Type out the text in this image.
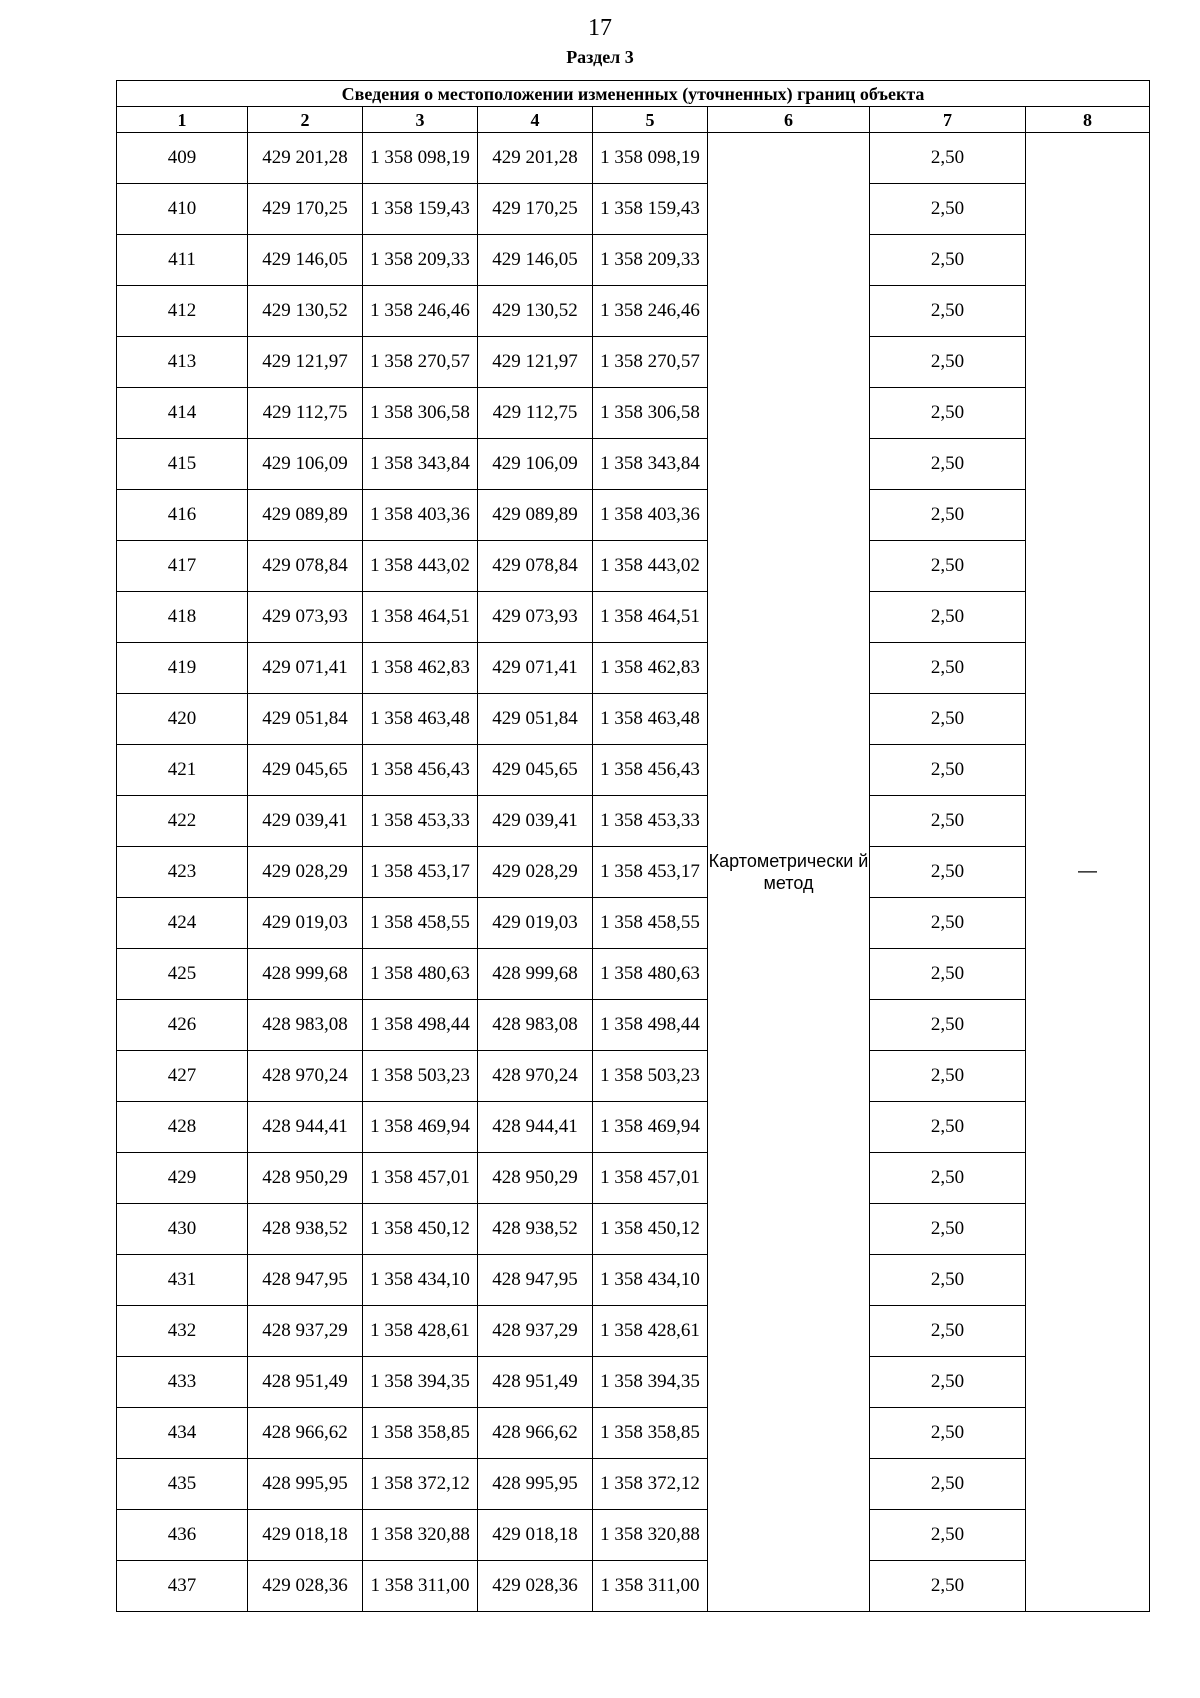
17
Раздел 3
Сведения о местоположении измененных (уточненных) границ объекта							
1	2	3	4	5	6	7	8
409	429 201,28	1 358 098,19	429 201,28	1 358 098,19	Картометрически й метод	2,50	—
410	429 170,25	1 358 159,43	429 170,25	1 358 159,43		2,50	
411	429 146,05	1 358 209,33	429 146,05	1 358 209,33		2,50	
412	429 130,52	1 358 246,46	429 130,52	1 358 246,46		2,50	
413	429 121,97	1 358 270,57	429 121,97	1 358 270,57		2,50	
414	429 112,75	1 358 306,58	429 112,75	1 358 306,58		2,50	
415	429 106,09	1 358 343,84	429 106,09	1 358 343,84		2,50	
416	429 089,89	1 358 403,36	429 089,89	1 358 403,36		2,50	
417	429 078,84	1 358 443,02	429 078,84	1 358 443,02		2,50	
418	429 073,93	1 358 464,51	429 073,93	1 358 464,51		2,50	
419	429 071,41	1 358 462,83	429 071,41	1 358 462,83		2,50	
420	429 051,84	1 358 463,48	429 051,84	1 358 463,48		2,50	
421	429 045,65	1 358 456,43	429 045,65	1 358 456,43		2,50	
422	429 039,41	1 358 453,33	429 039,41	1 358 453,33		2,50	
423	429 028,29	1 358 453,17	429 028,29	1 358 453,17		2,50	
424	429 019,03	1 358 458,55	429 019,03	1 358 458,55		2,50	
425	428 999,68	1 358 480,63	428 999,68	1 358 480,63		2,50	
426	428 983,08	1 358 498,44	428 983,08	1 358 498,44		2,50	
427	428 970,24	1 358 503,23	428 970,24	1 358 503,23		2,50	
428	428 944,41	1 358 469,94	428 944,41	1 358 469,94		2,50	
429	428 950,29	1 358 457,01	428 950,29	1 358 457,01		2,50	
430	428 938,52	1 358 450,12	428 938,52	1 358 450,12		2,50	
431	428 947,95	1 358 434,10	428 947,95	1 358 434,10		2,50	
432	428 937,29	1 358 428,61	428 937,29	1 358 428,61		2,50	
433	428 951,49	1 358 394,35	428 951,49	1 358 394,35		2,50	
434	428 966,62	1 358 358,85	428 966,62	1 358 358,85		2,50	
435	428 995,95	1 358 372,12	428 995,95	1 358 372,12		2,50	
436	429 018,18	1 358 320,88	429 018,18	1 358 320,88		2,50	
437	429 028,36	1 358 311,00	429 028,36	1 358 311,00		2,50	
